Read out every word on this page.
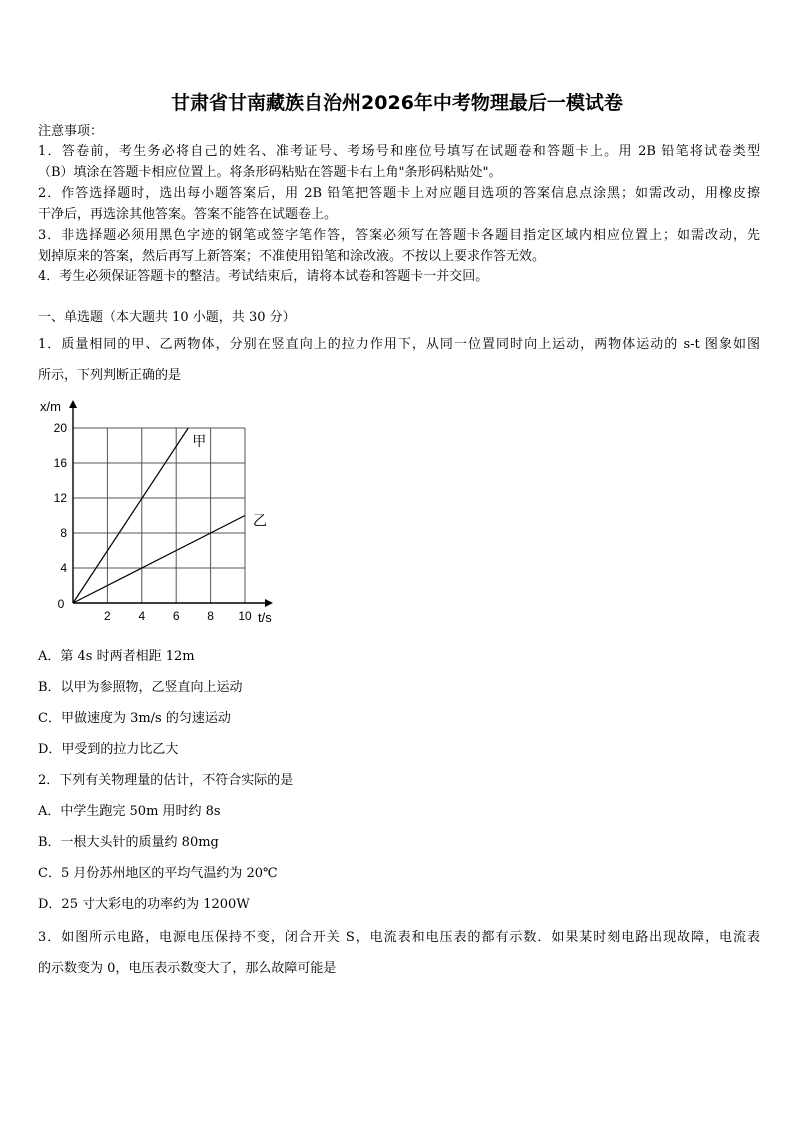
甘肃省甘南藏族自治州2026年中考物理最后一模试卷
注意事项：
1．答卷前，考生务必将自己的姓名、准考证号、考场号和座位号填写在试题卷和答题卡上。用 2B 铅笔将试卷类型
（B）填涂在答题卡相应位置上。将条形码粘贴在答题卡右上角"条形码粘贴处"。
2．作答选择题时，选出每小题答案后，用 2B 铅笔把答题卡上对应题目选项的答案信息点涂黑；如需改动，用橡皮擦
干净后，再选涂其他答案。答案不能答在试题卷上。
3．非选择题必须用黑色字迹的钢笔或签字笔作答，答案必须写在答题卡各题目指定区域内相应位置上；如需改动，先
划掉原来的答案，然后再写上新答案；不准使用铅笔和涂改液。不按以上要求作答无效。
4．考生必须保证答题卡的整洁。考试结束后，请将本试卷和答题卡一并交回。
一、单选题（本大题共 10 小题，共 30 分）
1．质量相同的甲、乙两物体，分别在竖直向上的拉力作用下，从同一位置同时向上运动，两物体运动的 s-t 图象如图
所示，下列判断正确的是
0
2 4 6 8 10
4
8
12
16
20
甲
乙
t/s
x/m
A．第 4s 时两者相距 12m
B．以甲为参照物，乙竖直向上运动
C．甲做速度为 3m/s 的匀速运动
D．甲受到的拉力比乙大
2．下列有关物理量的估计，不符合实际的是
A．中学生跑完 50m 用时约 8s
B．一根大头针的质量约 80mg
C．5 月份苏州地区的平均气温约为 20℃
D．25 寸大彩电的功率约为 1200W
3．如图所示电路，电源电压保持不变，闭合开关 S，电流表和电压表的都有示数．如果某时刻电路出现故障，电流表
的示数变为 0，电压表示数变大了，那么故障可能是
